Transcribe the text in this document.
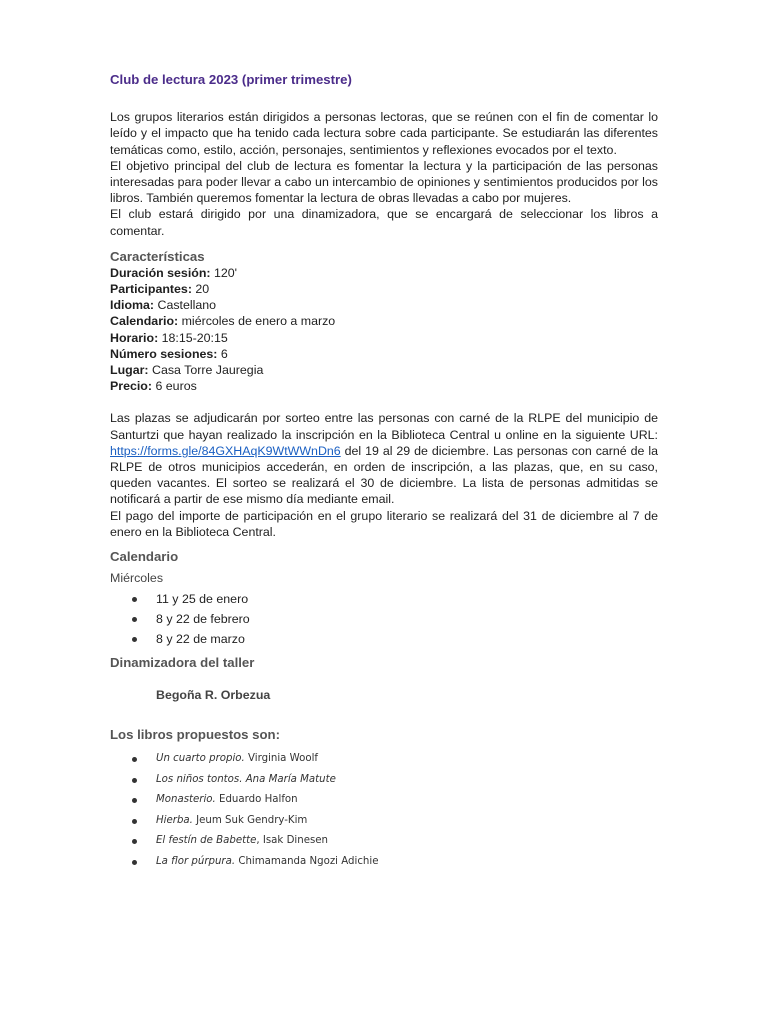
Club de lectura 2023 (primer trimestre)

Los grupos literarios están dirigidos a personas lectoras, que se reúnen con el fin de comentar lo leído y el impacto que ha tenido cada lectura sobre cada participante. Se estudiarán las diferentes temáticas como, estilo, acción, personajes, sentimientos y reflexiones evocados por el texto.

El objetivo principal del club de lectura es fomentar la lectura y la participación de las personas interesadas para poder llevar a cabo un intercambio de opiniones y sentimientos producidos por los libros. También queremos fomentar la lectura de obras llevadas a cabo por mujeres.

El club estará dirigido por una dinamizadora, que se encargará de seleccionar los libros a comentar.

Características
Duración sesión: 120'
Participantes: 20
Idioma: Castellano
Calendario: miércoles de enero a marzo
Horario: 18:15-20:15
Número sesiones: 6
Lugar: Casa Torre Jauregia
Precio: 6 euros

Las plazas se adjudicarán por sorteo entre las personas con carné de la RLPE del municipio de Santurtzi que hayan realizado la inscripción en la Biblioteca Central u online en la siguiente URL: https://forms.gle/84GXHAqK9WtWWnDn6 del 19 al 29 de diciembre. Las personas con carné de la RLPE de otros municipios accederán, en orden de inscripción, a las plazas, que, en su caso, queden vacantes. El sorteo se realizará el 30 de diciembre. La lista de personas admitidas se notificará a partir de ese mismo día mediante email.

El pago del importe de participación en el grupo literario se realizará del 31 de diciembre al 7 de enero en la Biblioteca Central.

Calendario
Miércoles
11 y 25 de enero
8 y 22 de febrero
8 y 22 de marzo
Dinamizadora del taller
Begoña R. Orbezua
Los libros propuestos son:
Un cuarto propio. Virginia Woolf
Los niños tontos. Ana María Matute
Monasterio. Eduardo Halfon
Hierba. Jeum Suk Gendry-Kim
El festín de Babette, Isak Dinesen
La flor púrpura. Chimamanda Ngozi Adichie
